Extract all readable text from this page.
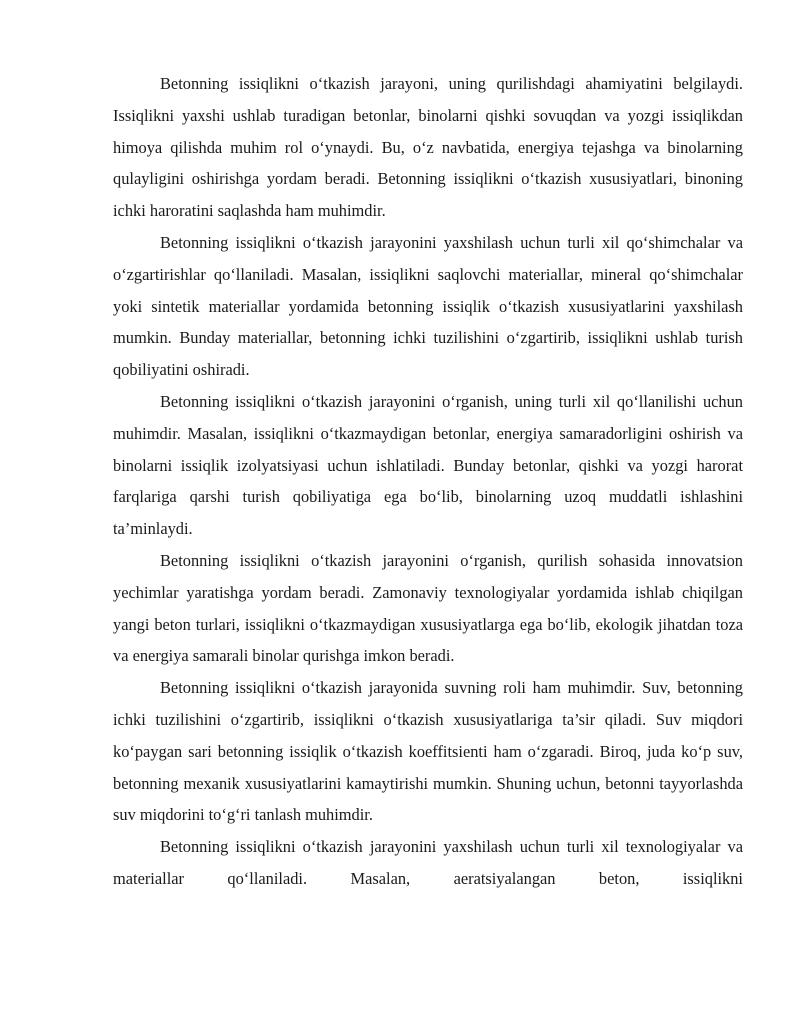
Betonning issiqlikni o‘tkazish jarayoni, uning qurilishdagi ahamiyatini belgilaydi. Issiqlikni yaxshi ushlab turadigan betonlar, binolarni qishki sovuqdan va yozgi issiqlikdan himoya qilishda muhim rol o‘ynaydi. Bu, o‘z navbatida, energiya tejashga va binolarning qulayligini oshirishga yordam beradi. Betonning issiqlikni o‘tkazish xususiyatlari, binoning ichki haroratini saqlashda ham muhimdir.

Betonning issiqlikni o‘tkazish jarayonini yaxshilash uchun turli xil qo‘shimchalar va o‘zgartirishlar qo‘llaniladi. Masalan, issiqlikni saqlovchi materiallar, mineral qo‘shimchalar yoki sintetik materiallar yordamida betonning issiqlik o‘tkazish xususiyatlarini yaxshilash mumkin. Bunday materiallar, betonning ichki tuzilishini o‘zgartirib, issiqlikni ushlab turish qobiliyatini oshiradi.

Betonning issiqlikni o‘tkazish jarayonini o‘rganish, uning turli xil qo‘llanilishi uchun muhimdir. Masalan, issiqlikni o‘tkazmaydigan betonlar, energiya samaradorligini oshirish va binolarni issiqlik izolyatsiyasi uchun ishlatiladi. Bunday betonlar, qishki va yozgi harorat farqlariga qarshi turish qobiliyatiga ega bo‘lib, binolarning uzoq muddatli ishlashini ta’minlaydi.

Betonning issiqlikni o‘tkazish jarayonini o‘rganish, qurilish sohasida innovatsion yechimlar yaratishga yordam beradi. Zamonaviy texnologiyalar yordamida ishlab chiqilgan yangi beton turlari, issiqlikni o‘tkazmaydigan xususiyatlarga ega bo‘lib, ekologik jihatdan toza va energiya samarali binolar qurishga imkon beradi.

Betonning issiqlikni o‘tkazish jarayonida suvning roli ham muhimdir. Suv, betonning ichki tuzilishini o‘zgartirib, issiqlikni o‘tkazish xususiyatlariga ta’sir qiladi. Suv miqdori ko‘paygan sari betonning issiqlik o‘tkazish koeffitsienti ham o‘zgaradi. Biroq, juda ko‘p suv, betonning mexanik xususiyatlarini kamaytirishi mumkin. Shuning uchun, betonni tayyorlashda suv miqdorini to‘g‘ri tanlash muhimdir.

Betonning issiqlikni o‘tkazish jarayonini yaxshilash uchun turli xil texnologiyalar va materiallar qo‘llaniladi. Masalan, aeratsiyalangan beton, issiqlikni
